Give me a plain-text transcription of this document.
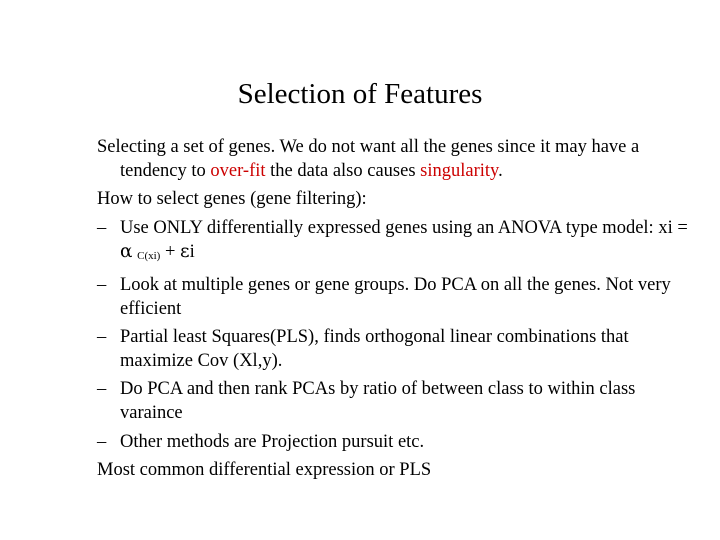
Selection of Features

Selecting a set of genes. We do not want all the genes since it may have a tendency to over-fit the data also causes singularity.

How to select genes (gene filtering):

– Use ONLY differentially expressed genes using an ANOVA type model: xi = α C(xi) + εi

– Look at multiple genes or gene groups. Do PCA on all the genes. Not very efficient

– Partial least Squares(PLS), finds orthogonal linear combinations that maximize Cov (Xl,y).

– Do PCA and then rank PCAs by ratio of between class to within class varaince

– Other methods are Projection pursuit etc.

Most common differential expression or PLS
